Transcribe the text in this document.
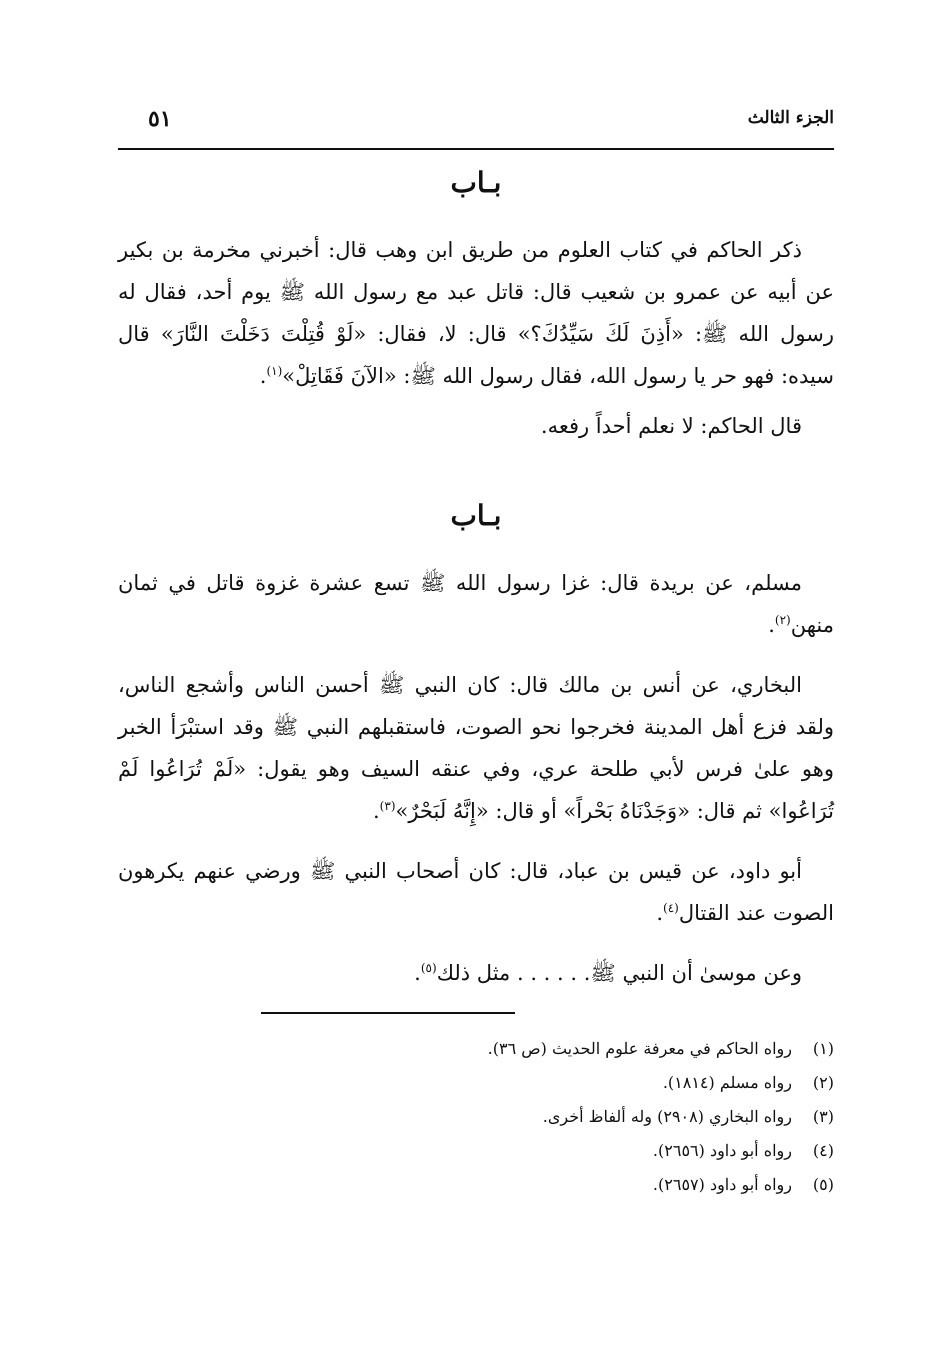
الجزء الثالث
٥١
بـاب

ذكر الحاكم في كتاب العلوم من طريق ابن وهب قال: أخبرني مخرمة بن بكير عن أبيه عن عمرو بن شعيب قال: قاتل عبد مع رسول الله ﷺ يوم أحد، فقال له رسول الله ﷺ: «أَذِنَ لَكَ سَيِّدُكَ؟» قال: لا، فقال: «لَوْ قُتِلْتَ دَخَلْتَ النَّارَ» قال سيده: فهو حر يا رسول الله، فقال رسول الله ﷺ: «الآنَ فَقَاتِلْ»$^{(١)}$.

قال الحاكم: لا نعلم أحداً رفعه.

بـاب

مسلم، عن بريدة قال: غزا رسول الله ﷺ تسع عشرة غزوة قاتل في ثمان منهن$^{(٢)}$.

البخاري، عن أنس بن مالك قال: كان النبي ﷺ أحسن الناس وأشجع الناس، ولقد فزع أهل المدينة فخرجوا نحو الصوت، فاستقبلهم النبي ﷺ وقد استبْرَأ الخبر وهو علىٰ فرس لأبي طلحة عري، وفي عنقه السيف وهو يقول: «لَمْ تُرَاعُوا لَمْ تُرَاعُوا» ثم قال: «وَجَدْنَاهُ بَحْراً» أو قال: «إِنَّهُ لَبَحْرٌ»$^{(٣)}$.

أبو داود، عن قيس بن عباد، قال: كان أصحاب النبي ﷺ ورضي عنهم يكرهون الصوت عند القتال$^{(٤)}$.

وعن موسىٰ أن النبي ﷺ. . . . . . مثل ذلك$^{(٥)}$.

(١)
رواه الحاكم في معرفة علوم الحديث (ص ٣٦).
(٢)
رواه مسلم (١٨١٤).
(٣)
رواه البخاري (٢٩٠٨) وله ألفاظ أخرى.
(٤)
رواه أبو داود (٢٦٥٦).
(٥)
رواه أبو داود (٢٦٥٧).
